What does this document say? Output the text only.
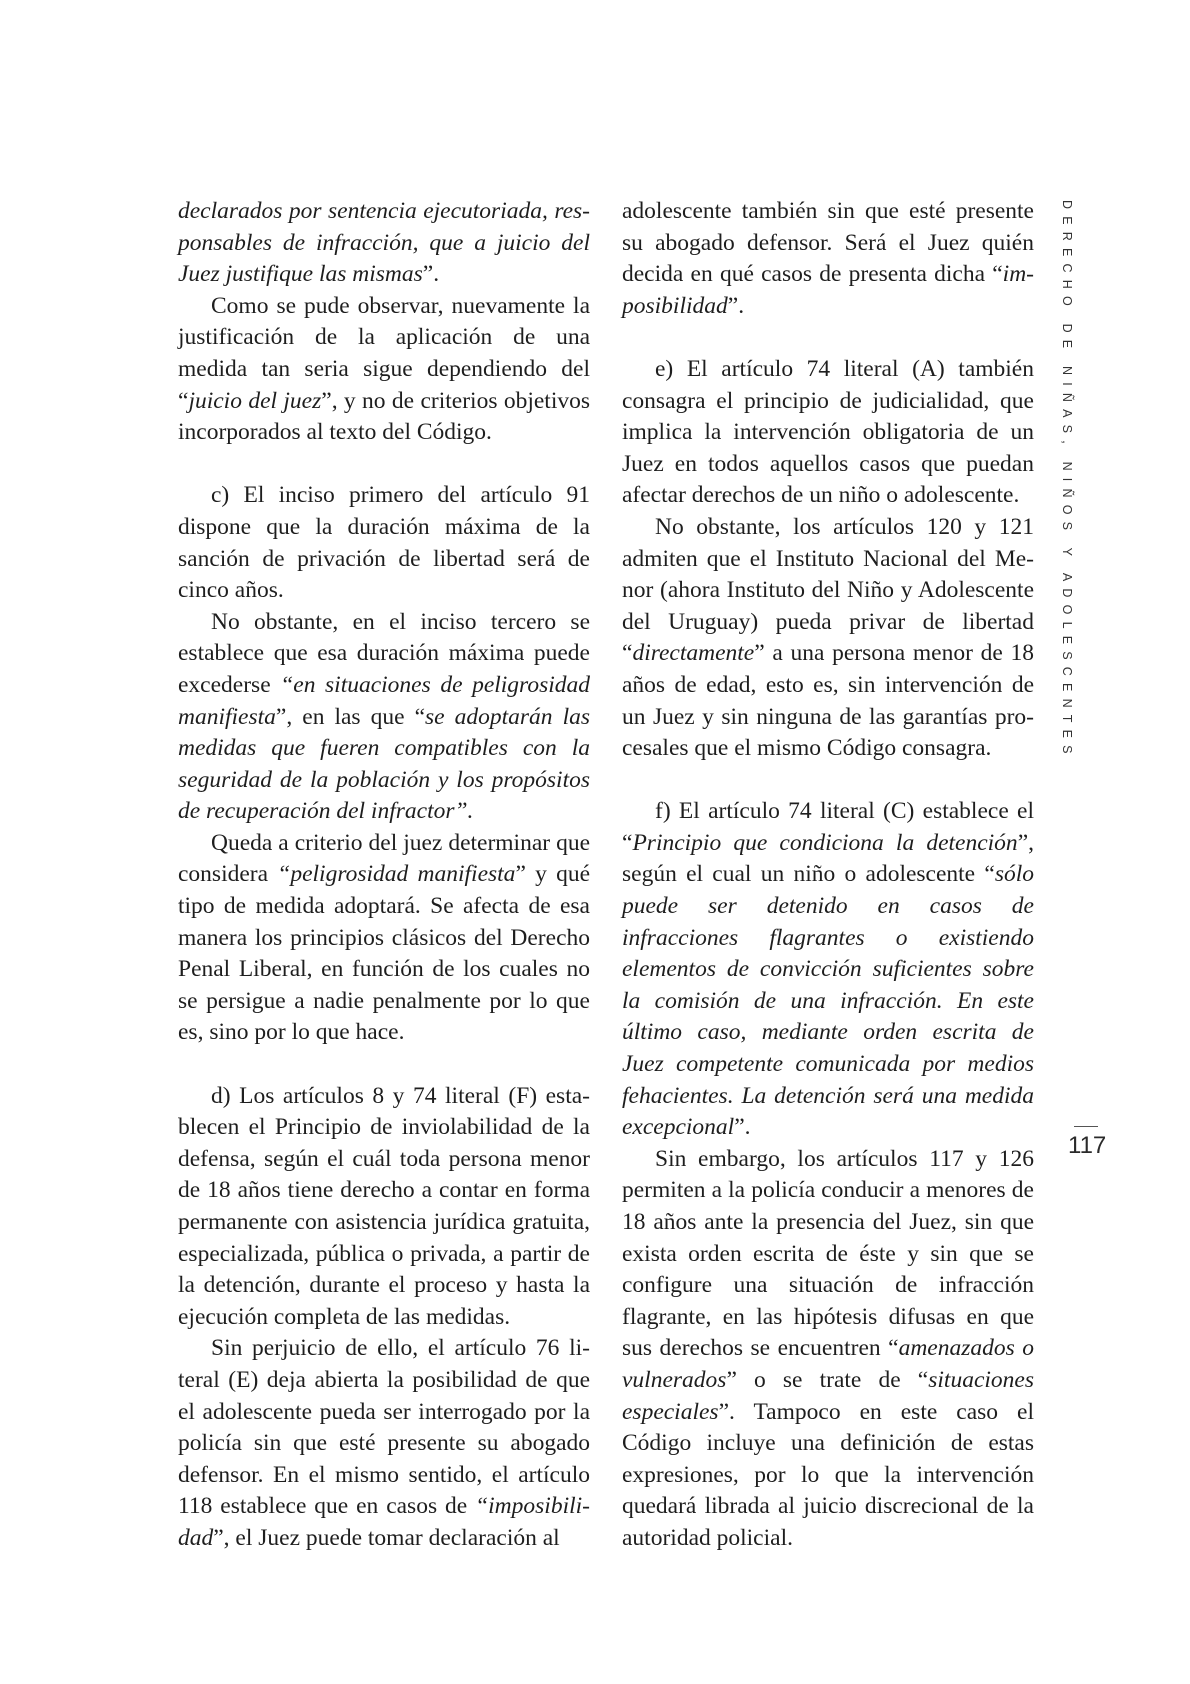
declarados por sentencia ejecutoriada, responsables de infracción, que a juicio del Juez justifique las mismas”.

Como se pude observar, nuevamente la justificación de la aplicación de una medida tan seria sigue dependiendo del “juicio del juez”, y no de criterios objetivos incorporados al texto del Código.

c) El inciso primero del artículo 91 dispone que la duración máxima de la sanción de privación de libertad será de cinco años.

No obstante, en el inciso tercero se establece que esa duración máxima puede excederse “en situaciones de peligrosidad manifiesta”, en las que “se adoptarán las medidas que fueren compatibles con la seguridad de la población y los propósitos de recuperación del infractor”.

Queda a criterio del juez determinar que considera “peligrosidad manifiesta” y qué tipo de medida adoptará. Se afecta de esa manera los principios clásicos del Derecho Penal Liberal, en función de los cuales no se persigue a nadie penalmente por lo que es, sino por lo que hace.

d) Los artículos 8 y 74 literal (F) establecen el Principio de inviolabilidad de la defensa, según el cuál toda persona menor de 18 años tiene derecho a contar en forma permanente con asistencia jurídica gratuita, especializada, pública o privada, a partir de la detención, durante el proceso y hasta la ejecución completa de las medidas.

Sin perjuicio de ello, el artículo 76 literal (E) deja abierta la posibilidad de que el adolescente pueda ser interrogado por la policía sin que esté presente su abogado defensor. En el mismo sentido, el artículo 118 establece que en casos de “imposibilidad”, el Juez puede tomar declaración al

adolescente también sin que esté presente su abogado defensor. Será el Juez quién decida en qué casos de presenta dicha “imposibilidad”.

e) El artículo 74 literal (A) también consagra el principio de judicialidad, que implica la intervención obligatoria de un Juez en todos aquellos casos que puedan afectar derechos de un niño o adolescente.

No obstante, los artículos 120 y 121 admiten que el Instituto Nacional del Menor (ahora Instituto del Niño y Adolescente del Uruguay) pueda privar de libertad “directamente” a una persona menor de 18 años de edad, esto es, sin intervención de un Juez y sin ninguna de las garantías procesales que el mismo Código consagra.

f) El artículo 74 literal (C) establece el “Principio que condiciona la detención”, según el cual un niño o adolescente “sólo puede ser detenido en casos de infracciones flagrantes o existiendo elementos de convicción suficientes sobre la comisión de una infracción. En este último caso, mediante orden escrita de Juez competente comunicada por medios fehacientes. La detención será una medida excepcional”.

Sin embargo, los artículos 117 y 126 permiten a la policía conducir a menores de 18 años ante la presencia del Juez, sin que exista orden escrita de éste y sin que se configure una situación de infracción flagrante, en las hipótesis difusas en que sus derechos se encuentren “amenazados o vulnerados” o se trate de “situaciones especiales”. Tampoco en este caso el Código incluye una definición de estas expresiones, por lo que la intervención quedará librada al juicio discrecional de la autoridad policial.

DERECHO DE NIÑAS, NIÑOS Y ADOLESCENTES
117
